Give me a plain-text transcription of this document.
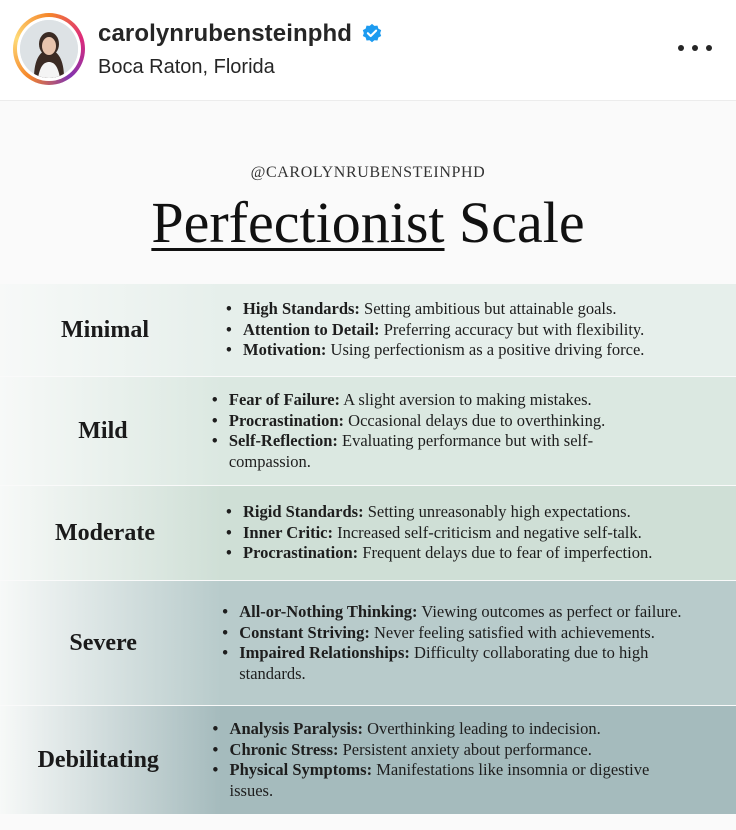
carolynrubensteinphd
Boca Raton, Florida
@CAROLYNRUBENSTEINPHD
Perfectionist Scale
Minimal
• High Standards: Setting ambitious but attainable goals.
• Attention to Detail: Preferring accuracy but with flexibility.
• Motivation: Using perfectionism as a positive driving force.
Mild
• Fear of Failure: A slight aversion to making mistakes.
• Procrastination: Occasional delays due to overthinking.
• Self-Reflection: Evaluating performance but with self-compassion.
Moderate
• Rigid Standards: Setting unreasonably high expectations.
• Inner Critic: Increased self-criticism and negative self-talk.
• Procrastination: Frequent delays due to fear of imperfection.
Severe
• All-or-Nothing Thinking: Viewing outcomes as perfect or failure.
• Constant Striving: Never feeling satisfied with achievements.
• Impaired Relationships: Difficulty collaborating due to high standards.
Debilitating
• Analysis Paralysis: Overthinking leading to indecision.
• Chronic Stress: Persistent anxiety about performance.
• Physical Symptoms: Manifestations like insomnia or digestive issues.
